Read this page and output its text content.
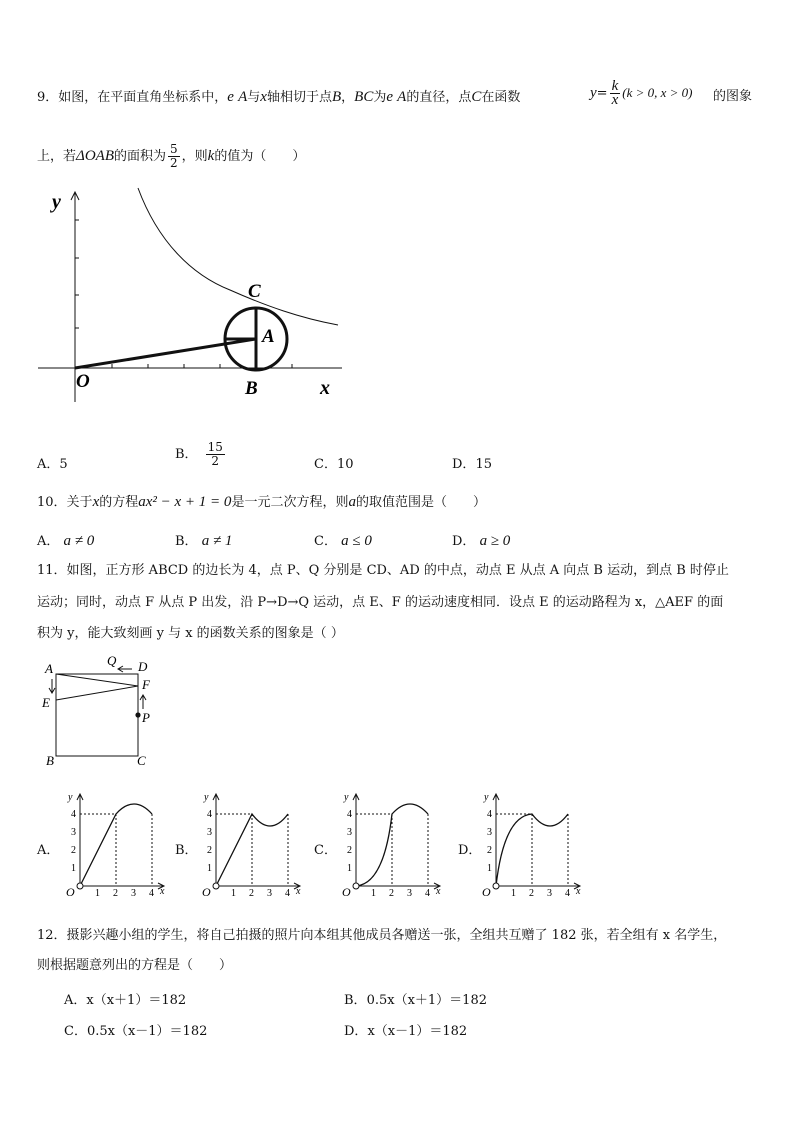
9．如图，在平面直角坐标系中，e A与x轴相切于点B，BC为e A的直径，点C在函数	$y= \frac{k}{x} (k > 0$, x > 0) 的图象
上，若ΔOAB的面积为 $\frac{5}{2}$ ，则k的值为（　　）
y
x
O
A
B
C
A．5
B． $\frac{15}{2}$	C．10	D．15
10．关于x的方程ax² − x + 1 = 0是一元二次方程，则a的取值范围是（　　）
A． a ≠ 0	B． a ≠ 1	C． a ≤ 0	D． a ≥ 0
11．如图，正方形 ABCD 的边长为 4，点 P、Q 分别是 CD、AD 的中点，动点 E 从点 A 向点 B 运动，到点 B 时停止
运动；同时，动点 F 从点 P 出发，沿 P→D→Q 运动，点 E、F 的运动速度相同．设点 E 的运动路程为 x，△AEF 的面
积为 y，能大致刻画 y 与 x 的函数关系的图象是（ ）
A	D
F
E
P
Q
B	C
A．	B．	C．	D．
y
x
O 1 2 3 4
1
2
3
4
y
x
O 1 2 3 4
1
2
3
4
y
x
O 1 2 3 4
1
2
3
4
y
x
O 1 2 3 4
1
2
3
4
12．摄影兴趣小组的学生，将自己拍摄的照片向本组其他成员各赠送一张，全组共互赠了 182 张，若全组有 x 名学生，
则根据题意列出的方程是（　　）
A．x（x＋1）＝182	B．0.5x（x＋1）＝182
C．0.5x（x－1）＝182	D．x（x－1）＝182
